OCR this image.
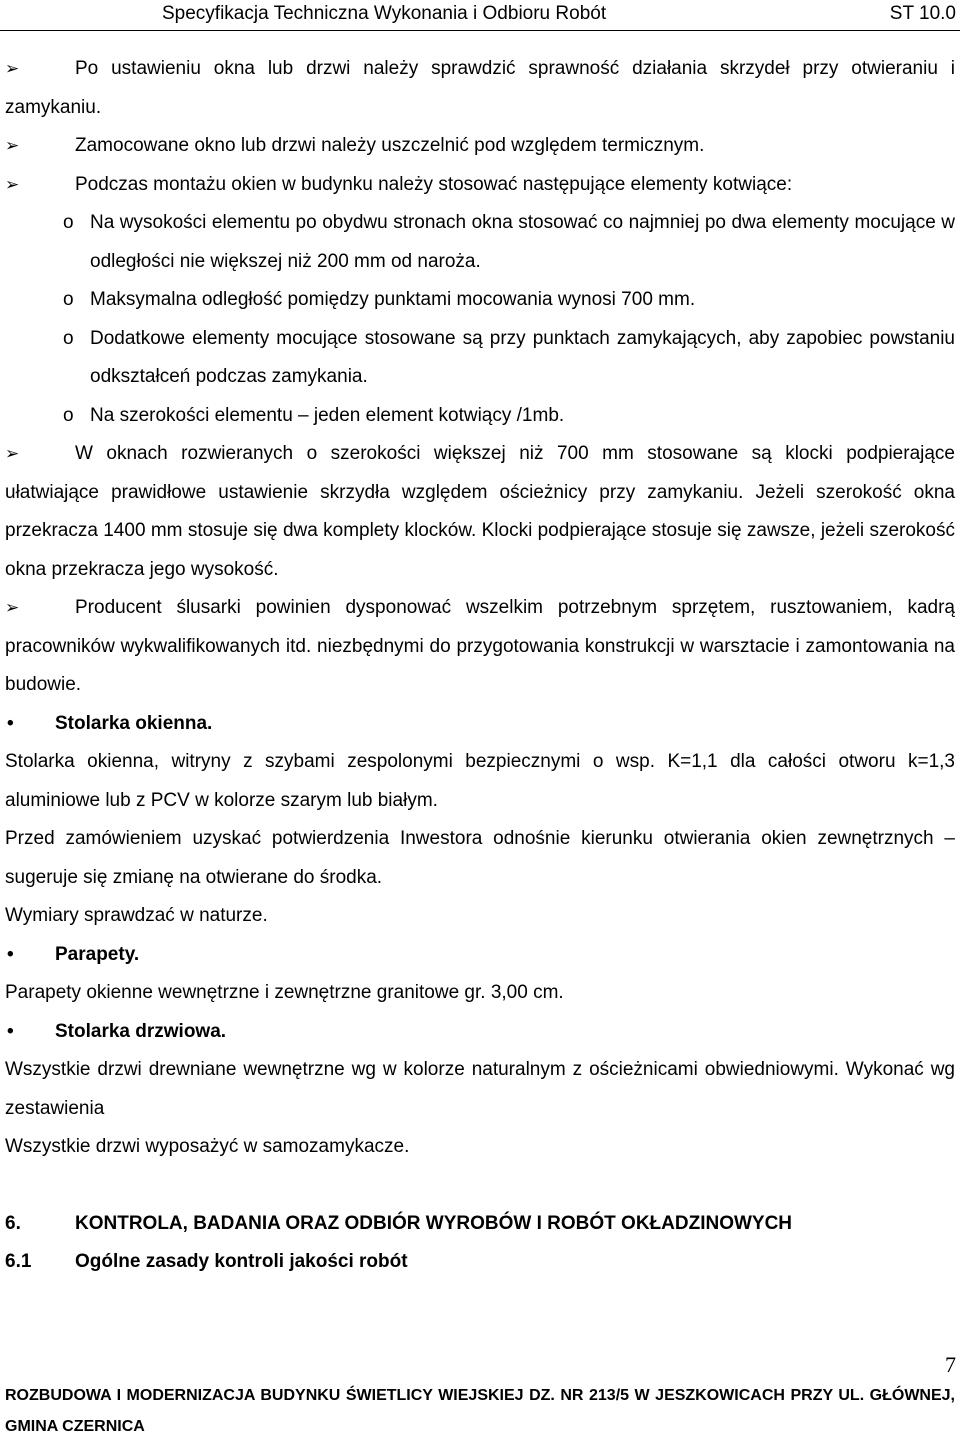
Specyfikacja Techniczna Wykonania i Odbioru Robót	ST 10.0

➢	Po ustawieniu okna lub drzwi należy sprawdzić sprawność działania skrzydeł przy otwieraniu i zamykaniu.

➢	Zamocowane okno lub drzwi należy uszczelnić pod względem termicznym.

➢	Podczas montażu okien w budynku należy stosować następujące elementy kotwiące:

o Na wysokości elementu po obydwu stronach okna stosować co najmniej po dwa elementy mocujące w odległości nie większej niż 200 mm od naroża.

o Maksymalna odległość pomiędzy punktami mocowania wynosi 700 mm.

o Dodatkowe elementy mocujące stosowane są przy punktach zamykających, aby zapobiec powstaniu odkształceń podczas zamykania.

o Na szerokości elementu – jeden element kotwiący /1mb.

➢	W oknach rozwieranych o szerokości większej niż 700 mm stosowane są klocki podpierające ułatwiające prawidłowe ustawienie skrzydła względem ościeżnicy przy zamykaniu. Jeżeli szerokość okna przekracza 1400 mm stosuje się dwa komplety klocków. Klocki podpierające stosuje się zawsze, jeżeli szerokość okna przekracza jego wysokość.

➢	Producent ślusarki powinien dysponować wszelkim potrzebnym sprzętem, rusztowaniem, kadrą pracowników wykwalifikowanych itd. niezbędnymi do przygotowania konstrukcji w warsztacie i zamontowania na budowie.

• Stolarka okienna.

Stolarka okienna, witryny z szybami zespolonymi bezpiecznymi o wsp. K=1,1 dla całości otworu k=1,3 aluminiowe lub z PCV w kolorze szarym lub białym.

Przed zamówieniem uzyskać potwierdzenia Inwestora odnośnie kierunku otwierania okien zewnętrznych – sugeruje się zmianę na otwierane do środka.

Wymiary sprawdzać w naturze.

• Parapety.

Parapety okienne wewnętrzne i zewnętrzne granitowe gr. 3,00 cm.

• Stolarka drzwiowa.

Wszystkie drzwi drewniane wewnętrzne wg w kolorze naturalnym z ościeżnicami obwiedniowymi. Wykonać wg zestawienia

Wszystkie drzwi wyposażyć w samozamykacze.

6.	KONTROLA, BADANIA ORAZ ODBIÓR WYROBÓW I ROBÓT OKŁADZINOWYCH

6.1 Ogólne zasady kontroli jakości robót

7
ROZBUDOWA I MODERNIZACJA BUDYNKU ŚWIETLICY WIEJSKIEJ DZ. NR 213/5 W JESZKOWICACH PRZY UL. GŁÓWNEJ, GMINA CZERNICA
